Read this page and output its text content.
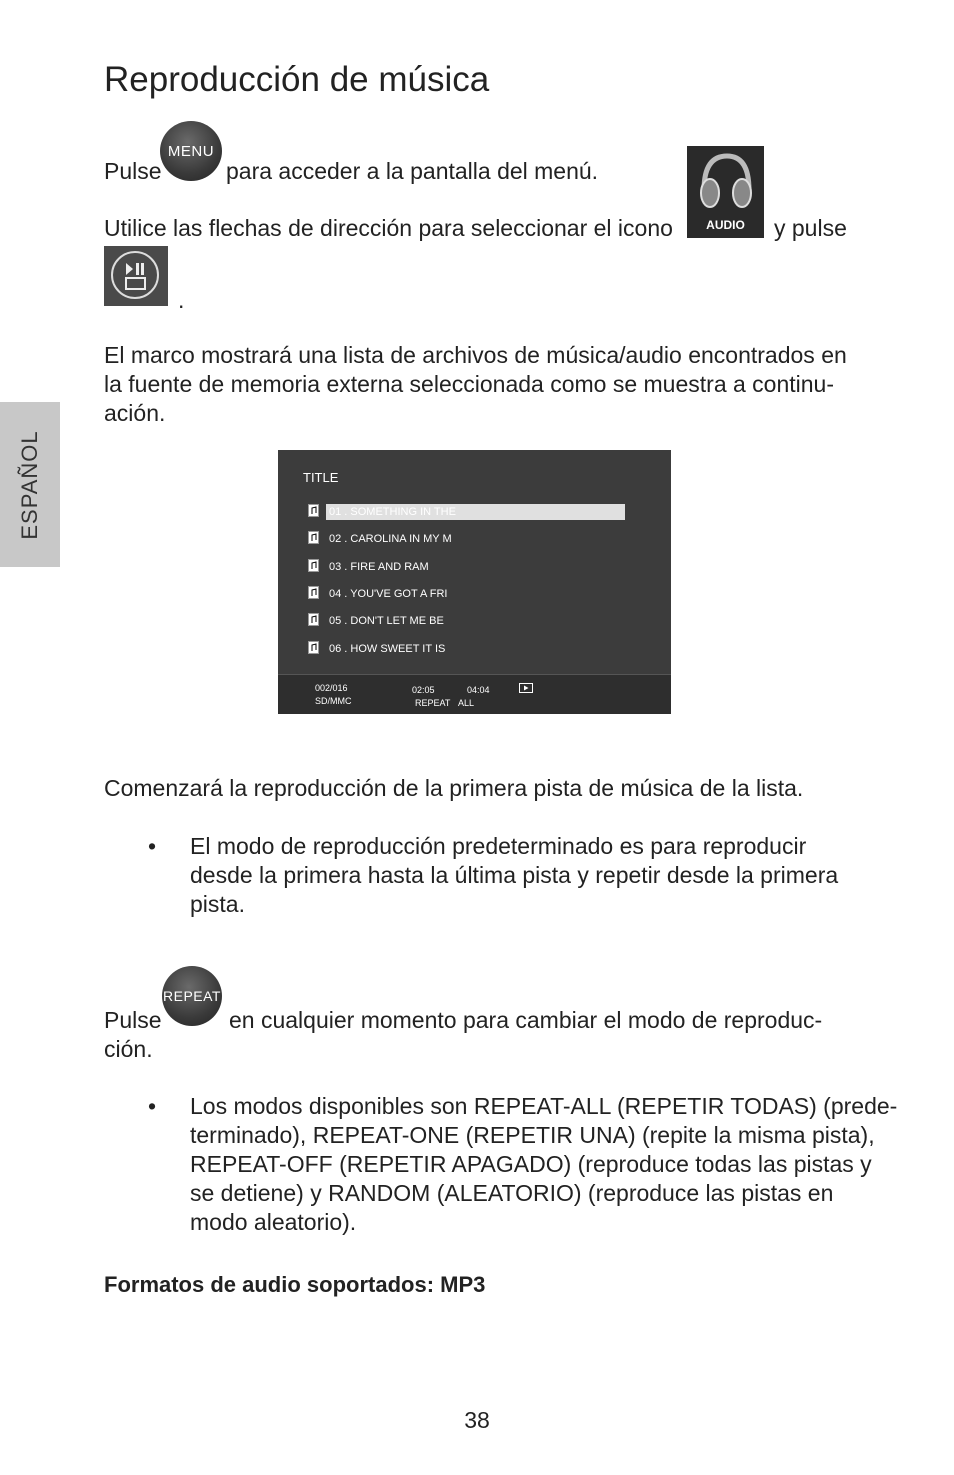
ESPAÑOL
Reproducción de música
Pulse
MENU
para acceder a la pantalla del menú.
AUDIO
Utilice las flechas de dirección para seleccionar el icono	y pulse
.
El marco mostrará una lista de archivos de música/audio encontrados en
la fuente de memoria externa seleccionada como se muestra a continu-
ación.
TITLE
01 . SOMETHING IN THE
02 . CAROLINA IN MY M
03 . FIRE AND RAM
04 . YOU'VE GOT A FRI
05 . DON'T LET ME BE
06 . HOW SWEET IT IS
002/016
SD/MMC
02:05	04:04
REPEAT ALL
Comenzará la reproducción de la primera pista de música de la lista.
• El modo de reproducción predeterminado es para reproducir
desde la primera hasta la última pista y repetir desde la primera
pista.
Pulse
REPEAT
en cualquier momento para cambiar el modo de reproduc-
ción.
• Los modos disponibles son REPEAT-ALL (REPETIR TODAS) (prede-
terminado), REPEAT-ONE (REPETIR UNA) (repite la misma pista),
REPEAT-OFF (REPETIR APAGADO) (reproduce todas las pistas y
se detiene) y RANDOM (ALEATORIO) (reproduce las pistas en
modo aleatorio).
Formatos de audio soportados: MP3
38
